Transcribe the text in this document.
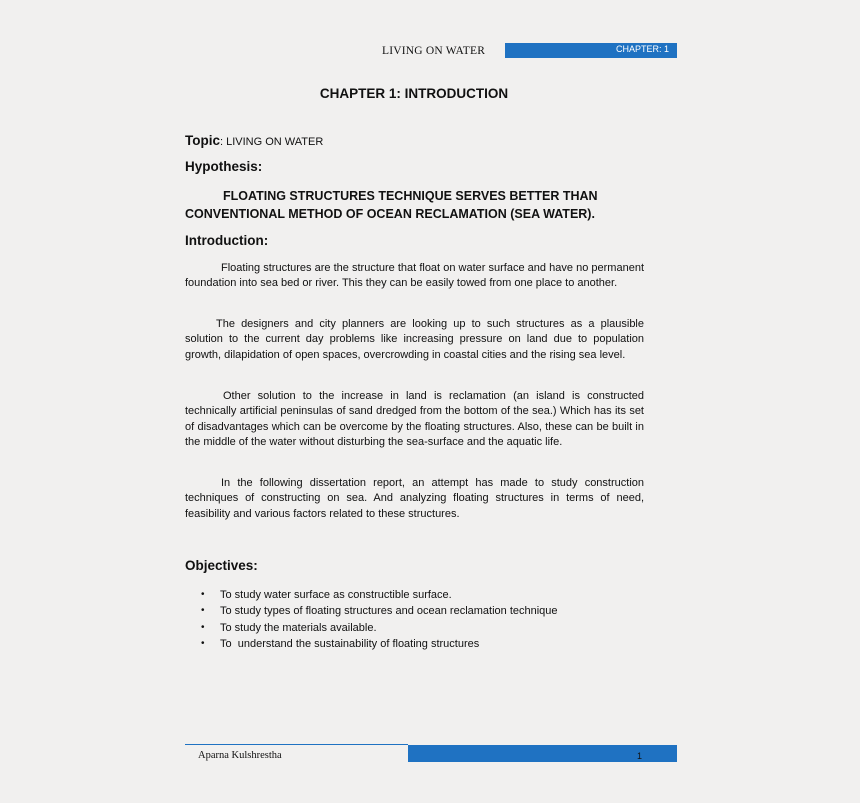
LIVING ON WATER	CHAPTER: 1
CHAPTER 1: INTRODUCTION
Topic: LIVING ON WATER
Hypothesis:
FLOATING STRUCTURES TECHNIQUE SERVES BETTER THAN
CONVENTIONAL METHOD OF OCEAN RECLAMATION (SEA WATER).
Introduction:

Floating structures are the structure that float on water surface and have no permanent foundation into sea bed or river. This they can be easily towed from one place to another.

The designers and city planners are looking up to such structures as a plausible solution to the current day problems like increasing pressure on land due to population growth, dilapidation of open spaces, overcrowding in coastal cities and the rising sea level.

Other solution to the increase in land is reclamation (an island is constructed technically artificial peninsulas of sand dredged from the bottom of the sea.) Which has its set of disadvantages which can be overcome by the floating structures. Also, these can be built in the middle of the water without disturbing the sea-surface and the aquatic life.

In the following dissertation report, an attempt has made to study construction techniques of constructing on sea. And analyzing floating structures in terms of need, feasibility and various factors related to these structures.

Objectives:
• To study water surface as constructible surface.
• To study types of floating structures and ocean reclamation technique
• To study the materials available.
• To  understand the sustainability of floating structures
Aparna Kulshrestha	1
